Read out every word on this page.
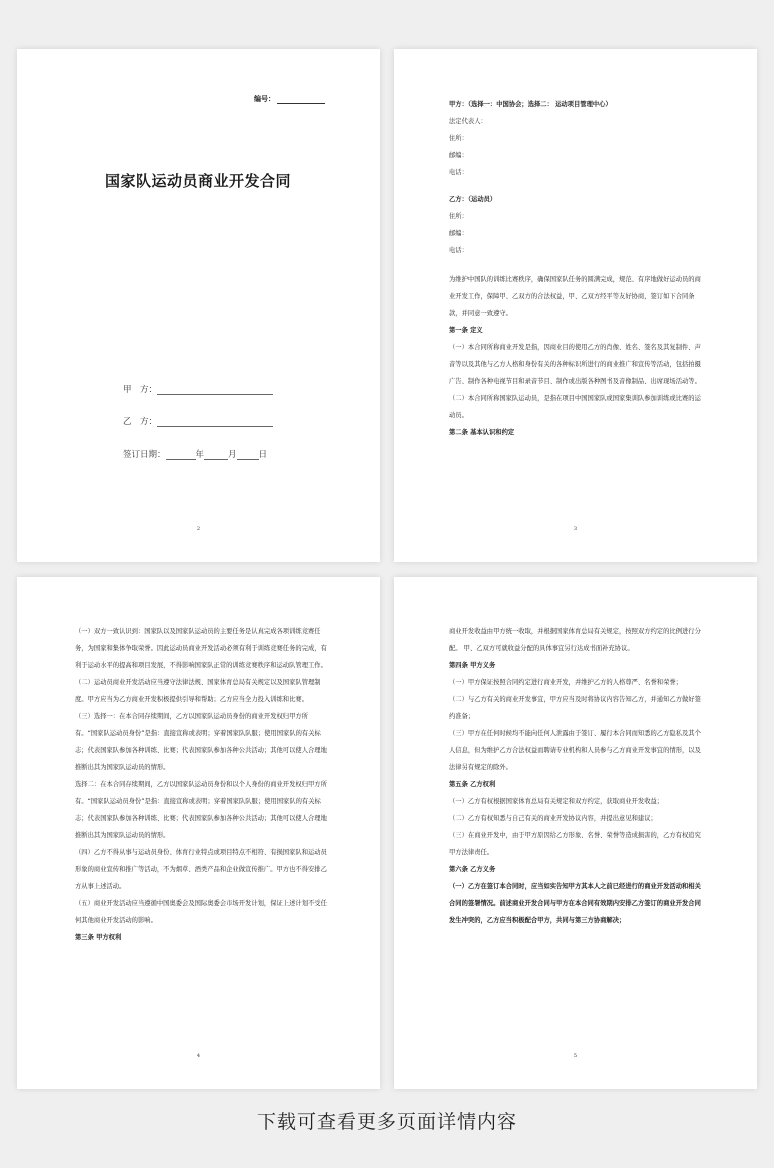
编号：
国家队运动员商业开发合同
甲　方：
乙　方：
签订日期：	年	月	日
2

甲方：（选择一：中国协会；选择二： 运动项目管理中心）

法定代表人：

住所：

邮编：

电话：

乙方：（运动员）

住所：

邮编：

电话：

为维护中国队的训练比赛秩序，确保国家队任务的圆满完成，规范、有序地做好运动员的商业开发工作，保障甲、乙双方的合法权益，甲、乙双方经平等友好协商，签订如下合同条款，并同意一致遵守。

第一条 定义

（一）本合同所称商业开发是指，因商业目的使用乙方的肖像、姓名、签名及其复制件、声音等以及其他与乙方人格和身份有关的各种标识所进行的商业推广和宣传等活动，包括拍摄广告、制作各种电视节目和录音节目、制作或出版各种图书及音像制品、出席现场活动等。

（二）本合同所称国家队运动员，是指在项目中国国家队或国家集训队参加训练或比赛的运动员。

第二条 基本认识和约定

3

（一）双方一致认识到：国家队以及国家队运动员的主要任务是认真完成各项训练竞赛任务，为国家和集体争取荣誉。因此运动员商业开发活动必须有利于训练竞赛任务的完成，有利于运动水平的提高和项目发展，不得影响国家队正常的训练竞赛秩序和运动队管理工作。

（二）运动员商业开发活动应当遵守法律法规、国家体育总局有关规定以及国家队管理制度。甲方应当为乙方商业开发积极提供引导和帮助；乙方应当全力投入训练和比赛。

（三）选择一：在本合同存续期间，乙方以国家队运动员身份的商业开发权归甲方所有。“国家队运动员身份”是指：直接宣称或表明；穿着国家队队服；使用国家队的有关标志；代表国家队参加各种训练、比赛；代表国家队参加各种公共活动；其他可以使人合理地推断出其为国家队运动员的情形。

选择二：在本合同存续期间，乙方以国家队运动员身份和以个人身份的商业开发权归甲方所有。“国家队运动员身份”是指：直接宣称或表明；穿着国家队队服；使用国家队的有关标志；代表国家队参加各种训练、比赛；代表国家队参加各种公共活动；其他可以使人合理地推断出其为国家队运动员的情形。

（四）乙方不得从事与运动员身份、体育行业特点或项目特点不相符、有损国家队和运动员形象的商业宣传和推广等活动，不为烟草、酒类产品和企业做宣传推广。甲方也不得安排乙方从事上述活动。

（五）商业开发活动应当遵循中国奥委会及国际奥委会市场开发计划，保证上述计划不受任何其他商业开发活动的影响。

第三条 甲方权利

4

商业开发收益由甲方统一收取，并根据国家体育总局有关规定，按照双方约定的比例进行分配。 甲、乙双方可就收益分配的具体事宜另行达成书面补充协议。

第四条 甲方义务

（一）甲方保证按照合同约定进行商业开发，并维护乙方的人格尊严、名誉和荣誉；

（二）与乙方有关的商业开发事宜，甲方应当及时将协议内容告知乙方，并通知乙方做好签约准备；

（三）甲方在任何时候均不能向任何人泄露由于签订、履行本合同而知悉的乙方隐私及其个人信息，但为维护乙方合法权益而聘请专业机构和人员参与乙方商业开发事宜的情形，以及法律另有规定的除外。

第五条 乙方权利

（一）乙方有权根据国家体育总局有关规定和双方约定，获取商业开发收益；

（二）乙方有权知悉与自己有关的商业开发协议内容，并提出意见和建议；

（三）在商业开发中，由于甲方原因给乙方形象、名誉、荣誉等造成损害的，乙方有权追究甲方法律责任。

第六条 乙方义务

（一）乙方在签订本合同时，应当如实告知甲方其本人之前已经进行的商业开发活动和相关合同的签署情况。前述商业开发合同与甲方在本合同有效期内安排乙方签订的商业开发合同发生冲突的，乙方应当积极配合甲方，共同与第三方协商解决；

5
下载可查看更多页面详情内容
